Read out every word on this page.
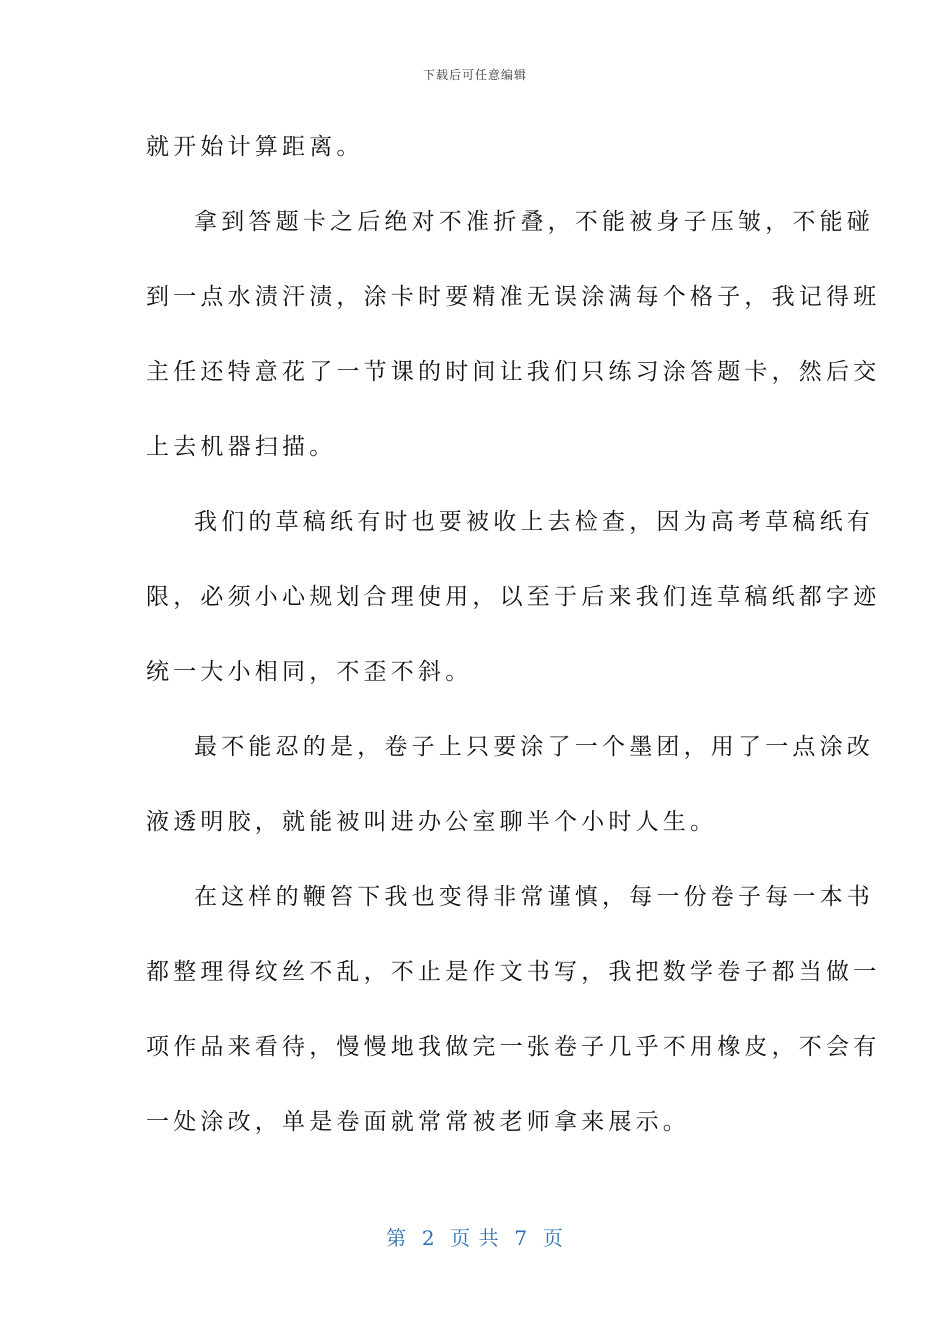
下载后可任意编辑
就开始计算距离。
拿到答题卡之后绝对不准折叠，不能被身子压皱，不能碰
到一点水渍汗渍，涂卡时要精准无误涂满每个格子，我记得班
主任还特意花了一节课的时间让我们只练习涂答题卡，然后交
上去机器扫描。
我们的草稿纸有时也要被收上去检查，因为高考草稿纸有
限，必须小心规划合理使用，以至于后来我们连草稿纸都字迹
统一大小相同，不歪不斜。
最不能忍的是，卷子上只要涂了一个墨团，用了一点涂改
液透明胶，就能被叫进办公室聊半个小时人生。
在这样的鞭笞下我也变得非常谨慎，每一份卷子每一本书
都整理得纹丝不乱，不止是作文书写，我把数学卷子都当做一
项作品来看待，慢慢地我做完一张卷子几乎不用橡皮，不会有
一处涂改，单是卷面就常常被老师拿来展示。
第  2  页 共  7  页
